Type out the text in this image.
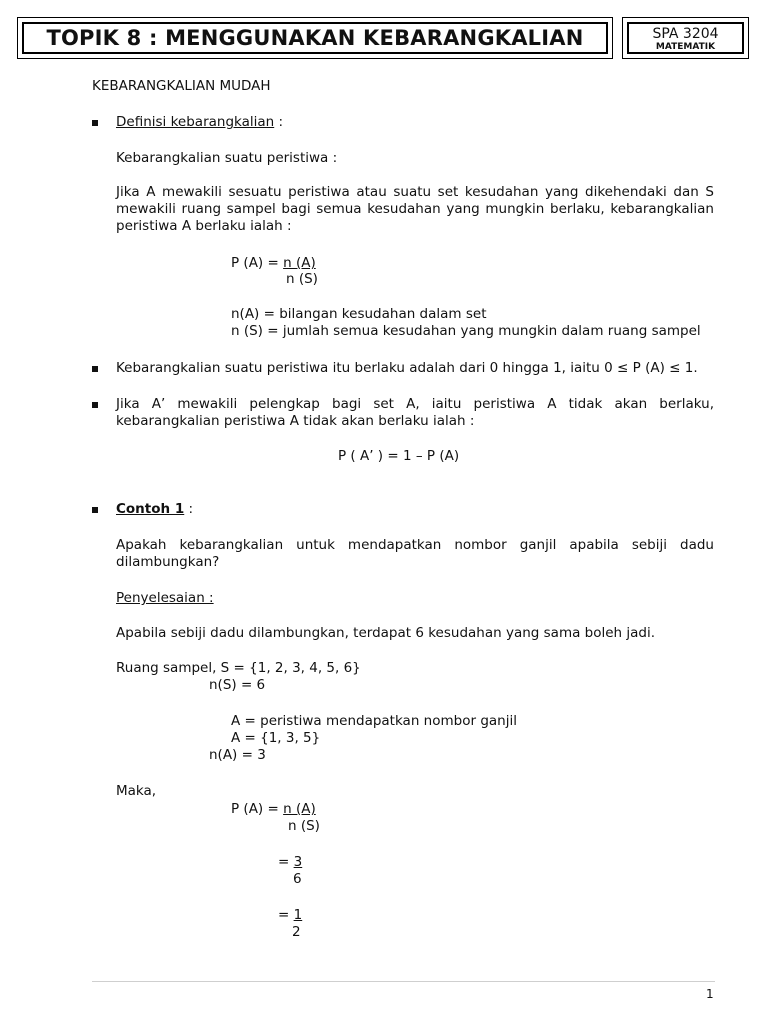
TOPIK 8 : MENGGUNAKAN KEBARANGKALIAN	SPA 3204
MATEMATIK
KEBARANGKALIAN MUDAH
Definisi kebarangkalian :
Kebarangkalian suatu peristiwa :
Jika A mewakili sesuatu peristiwa atau suatu set kesudahan yang dikehendaki dan S
mewakili ruang sampel bagi semua kesudahan yang mungkin berlaku, kebarangkalian
peristiwa A berlaku ialah :
P (A) = n (A)
n (S)
n(A) = bilangan kesudahan dalam set
n (S) = jumlah semua kesudahan yang mungkin dalam ruang sampel
Kebarangkalian suatu peristiwa itu berlaku adalah dari 0 hingga 1, iaitu 0 ≤ P (A) ≤ 1.
Jika A’ mewakili pelengkap bagi set A, iaitu peristiwa A tidak akan berlaku,
kebarangkalian peristiwa A tidak akan berlaku ialah :
P ( A’ ) = 1 – P (A)
Contoh 1 :
Apakah kebarangkalian untuk mendapatkan nombor ganjil apabila sebiji dadu
dilambungkan?
Penyelesaian :
Apabila sebiji dadu dilambungkan, terdapat 6 kesudahan yang sama boleh jadi.
Ruang sampel, S = {1, 2, 3, 4, 5, 6}
n(S) = 6
A = peristiwa mendapatkan nombor ganjil
A = {1, 3, 5}
n(A) = 3
Maka,
P (A) = n (A)
n (S)
= 3
6
= 1
2
1
